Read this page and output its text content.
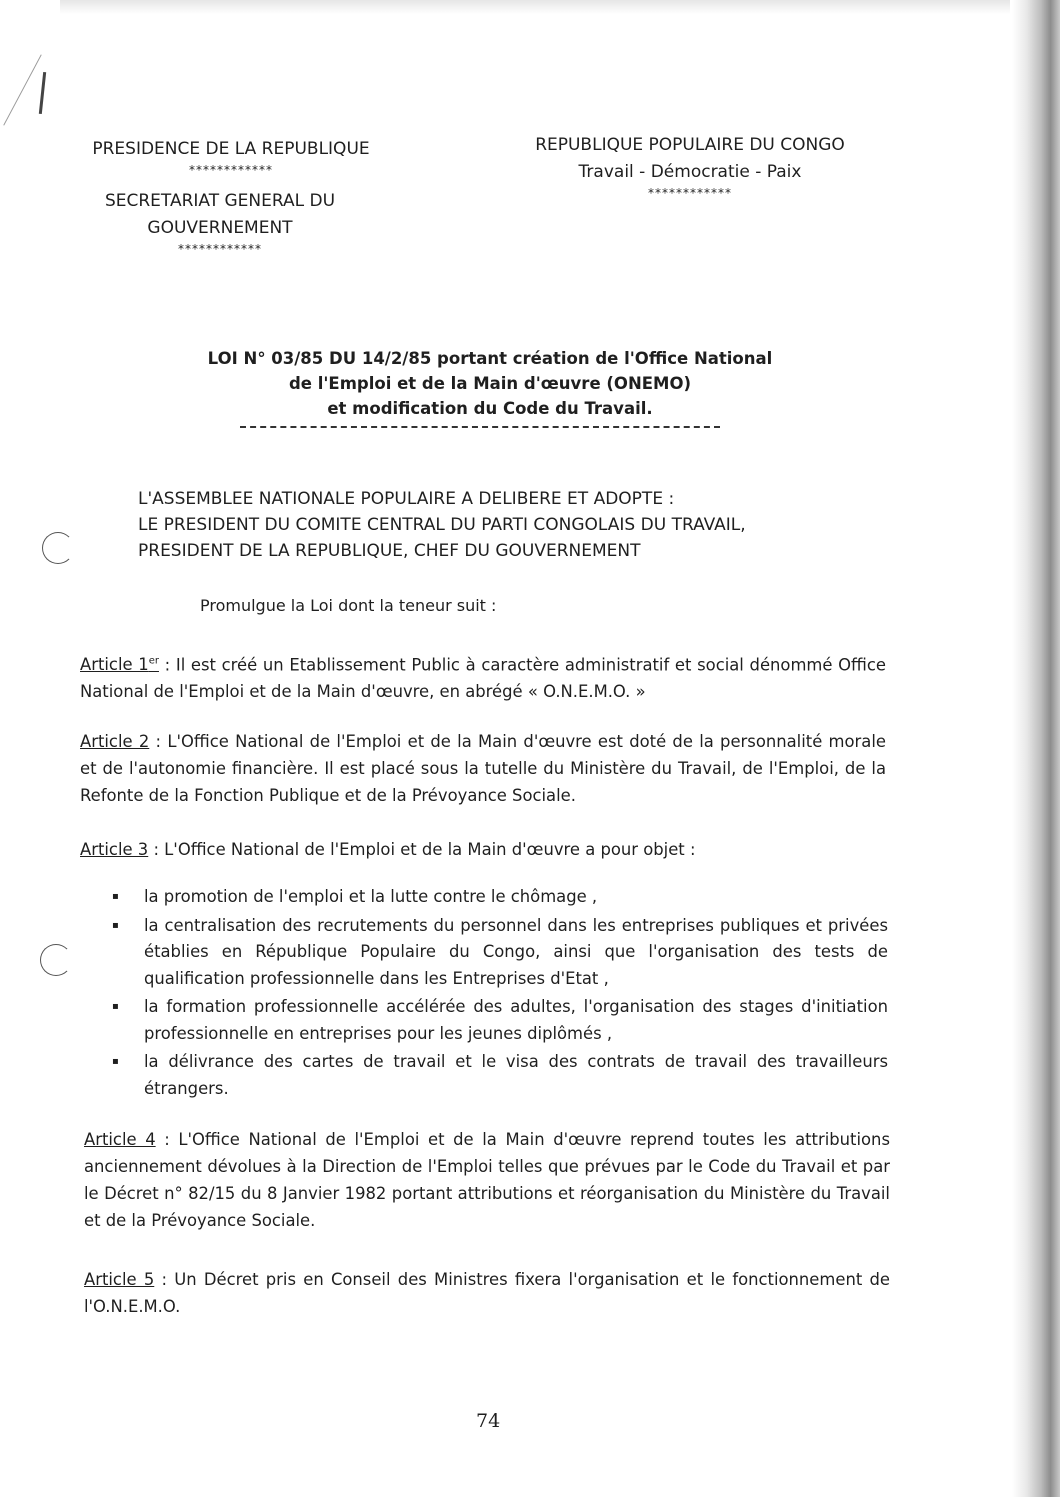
PRESIDENCE DE LA REPUBLIQUE
************
SECRETARIAT GENERAL DU
GOUVERNEMENT
************
REPUBLIQUE POPULAIRE DU CONGO
Travail - Démocratie - Paix
************
LOI N° 03/85 DU 14/2/85 portant création de l'Office National
de l'Emploi et de la Main d'œuvre (ONEMO)
et modification du Code du Travail.
L'ASSEMBLEE NATIONALE POPULAIRE A DELIBERE ET ADOPTE :
LE PRESIDENT DU COMITE CENTRAL DU PARTI CONGOLAIS DU TRAVAIL,
PRESIDENT DE LA REPUBLIQUE, CHEF DU GOUVERNEMENT
Promulgue la Loi dont la teneur suit :
Article 1er : Il est créé un Etablissement Public à caractère administratif et social dénommé Office National de l'Emploi et de la Main d'œuvre, en abrégé « O.N.E.M.O. »
Article 2 : L'Office National de l'Emploi et de la Main d'œuvre est doté de la personnalité morale et de l'autonomie financière. Il est placé sous la tutelle du Ministère du Travail, de l'Emploi, de la Refonte de la Fonction Publique et de la Prévoyance Sociale.
Article 3 : L'Office National de l'Emploi et de la Main d'œuvre a pour objet :
▪ la promotion de l'emploi et la lutte contre le chômage ,
▪ la centralisation des recrutements du personnel dans les entreprises publiques et privées établies en République Populaire du Congo, ainsi que l'organisation des tests de qualification professionnelle dans les Entreprises d'Etat ,
▪ la formation professionnelle accélérée des adultes, l'organisation des stages d'initiation professionnelle en entreprises pour les jeunes diplômés ,
▪ la délivrance des cartes de travail et le visa des contrats de travail des travailleurs étrangers.
Article 4 : L'Office National de l'Emploi et de la Main d'œuvre reprend toutes les attributions anciennement dévolues à la Direction de l'Emploi telles que prévues par le Code du Travail et par le Décret n° 82/15 du 8 Janvier 1982 portant attributions et réorganisation du Ministère du Travail et de la Prévoyance Sociale.
Article 5 : Un Décret pris en Conseil des Ministres fixera l'organisation et le fonctionnement de l'O.N.E.M.O.
74
